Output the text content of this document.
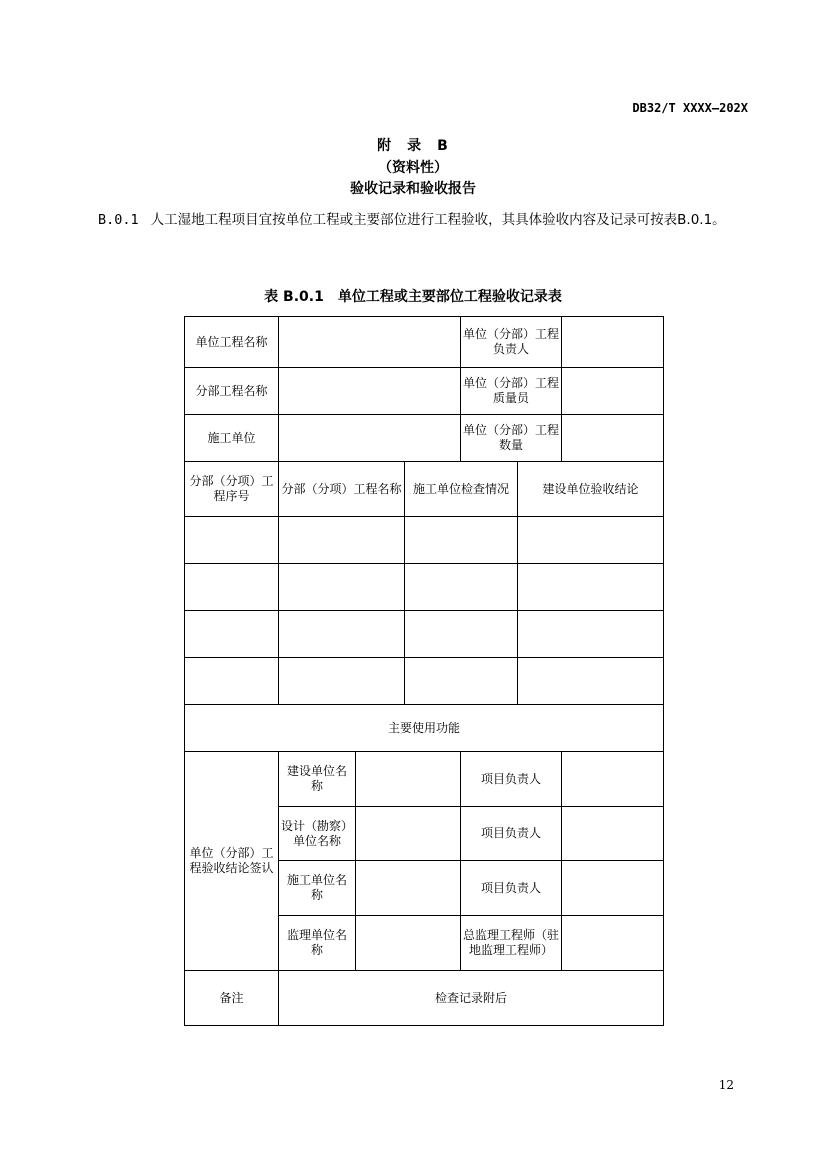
DB32/T XXXX—202X
附　录　B
（资料性）
验收记录和验收报告
B.0.1 人工湿地工程项目宜按单位工程或主要部位进行工程验收，其具体验收内容及记录可按表B.0.1。
表 B.0.1　单位工程或主要部位工程验收记录表
单位工程名称				单位（分部）工程负责人		
分部工程名称				单位（分部）工程质量员		
施工单位				单位（分部）工程数量		
分部（分项）工程序号	分部（分项）工程名称		施工单位检查情况		建设单位验收结论	

主要使用功能						
单位（分部）工程验收结论签认	建设单位名　　称			项目负责人		
	设计（勘察）单位名称			项目负责人		
	施工单位名　　称			项目负责人		
	监理单位名　　称			总监理工程师（驻地监理工程师）		
备注	检查记录附后					
12
